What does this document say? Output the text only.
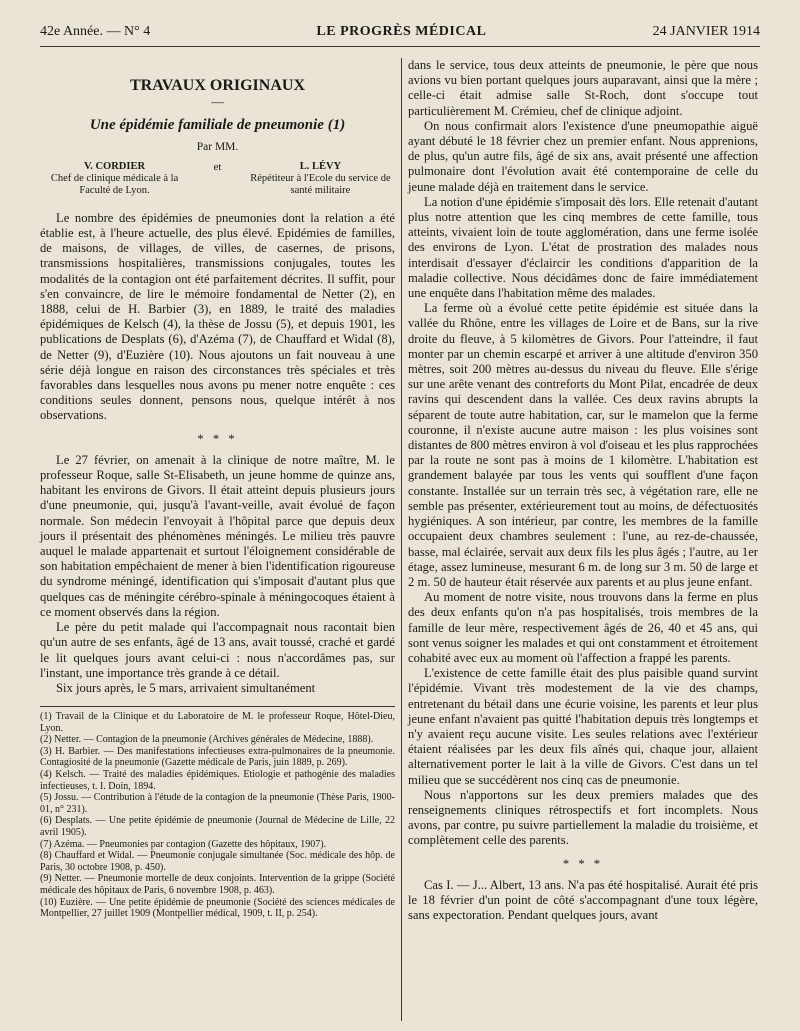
42e Année. — N° 4	LE PROGRÈS MÉDICAL	24 JANVIER 1914
TRAVAUX ORIGINAUX
—
Une épidémie familiale de pneumonie (1)
Par MM.
V. CORDIER
Chef de clinique médicale à la Faculté de Lyon.
et	L. LÉVY
Répétiteur à l'Ecole du service de santé militaire

Le nombre des épidémies de pneumonies dont la relation a été établie est, à l'heure actuelle, des plus élevé. Epidémies de familles, de maisons, de villages, de villes, de casernes, de prisons, transmissions hospitalières, transmissions conjugales, toutes les modalités de la contagion ont été parfaitement décrites. Il suffit, pour s'en convaincre, de lire le mémoire fondamental de Netter (2), en 1888, celui de H. Barbier (3), en 1889, le traité des maladies épidémiques de Kelsch (4), la thèse de Jossu (5), et depuis 1901, les publications de Desplats (6), d'Azéma (7), de Chauffard et Widal (8), de Netter (9), d'Euzière (10). Nous ajoutons un fait nouveau à une série déjà longue en raison des circonstances très spéciales et très favorables dans lesquelles nous avons pu mener notre enquête : ces conditions seules donnent, pensons nous, quelque intérêt à nos observations.

* * *

Le 27 février, on amenait à la clinique de notre maître, M. le professeur Roque, salle St-Elisabeth, un jeune homme de quinze ans, habitant les environs de Givors. Il était atteint depuis plusieurs jours d'une pneumonie, qui, jusqu'à l'avant-veille, avait évolué de façon normale. Son médecin l'envoyait à l'hôpital parce que depuis deux jours il présentait des phénomènes méningés. Le milieu très pauvre auquel le malade appartenait et surtout l'éloignement considérable de son habitation empêchaient de mener à bien l'identification rigoureuse du syndrome méningé, identification qui s'imposait d'autant plus que quelques cas de méningite cérébro-spinale à méningocoques étaient à ce moment observés dans la région.

Le père du petit malade qui l'accompagnait nous racontait bien qu'un autre de ses enfants, âgé de 13 ans, avait toussé, craché et gardé le lit quelques jours avant celui-ci : nous n'accordâmes pas, sur l'instant, une importance très grande à ce détail.

Six jours après, le 5 mars, arrivaient simultanément

(1) Travail de la Clinique et du Laboratoire de M. le professeur Roque, Hôtel-Dieu, Lyon.

(2) Netter. — Contagion de la pneumonie (Archives générales de Médecine, 1888).

(3) H. Barbier. — Des manifestations infectieuses extra-pulmonaires de la pneumonie. Contagiosité de la pneumonie (Gazette médicale de Paris, juin 1889, p. 269).

(4) Kelsch. — Traité des maladies épidémiques. Etiologie et pathogénie des maladies infectieuses, t. I. Doin, 1894.

(5) Jossu. — Contribution à l'étude de la contagion de la pneumonie (Thèse Paris, 1900-01, n° 231).

(6) Desplats. — Une petite épidémie de pneumonie (Journal de Médecine de Lille, 22 avril 1905).

(7) Azéma. — Pneumonies par contagion (Gazette des hôpitaux, 1907).

(8) Chauffard et Widal. — Pneumonie conjugale simultanée (Soc. médicale des hôp. de Paris, 30 octobre 1908, p. 450).

(9) Netter. — Pneumonie mortelle de deux conjoints. Intervention de la grippe (Société médicale des hôpitaux de Paris, 6 novembre 1908, p. 463).

(10) Euzière. — Une petite épidémie de pneumonie (Société des sciences médicales de Montpellier, 27 juillet 1909 (Montpellier médical, 1909, t. II, p. 254).

dans le service, tous deux atteints de pneumonie, le père que nous avions vu bien portant quelques jours auparavant, ainsi que la mère ; celle-ci était admise salle St-Roch, dont s'occupe tout particulièrement M. Crémieu, chef de clinique adjoint.

On nous confirmait alors l'existence d'une pneumopathie aiguë ayant débuté le 18 février chez un premier enfant. Nous apprenions, de plus, qu'un autre fils, âgé de six ans, avait présenté une affection pulmonaire dont l'évolution avait été contemporaine de celle du jeune malade déjà en traitement dans le service.

La notion d'une épidémie s'imposait dès lors. Elle retenait d'autant plus notre attention que les cinq membres de cette famille, tous atteints, vivaient loin de toute agglomération, dans une ferme isolée des environs de Lyon. L'état de prostration des malades nous interdisait d'essayer d'éclaircir les conditions d'apparition de la maladie collective. Nous décidâmes donc de faire immédiatement une enquête dans l'habitation même des malades.

La ferme où a évolué cette petite épidémie est située dans la vallée du Rhône, entre les villages de Loire et de Bans, sur la rive droite du fleuve, à 5 kilomètres de Givors. Pour l'atteindre, il faut monter par un chemin escarpé et arriver à une altitude d'environ 350 mètres, soit 200 mètres au-dessus du niveau du fleuve. Elle s'érige sur une arête venant des contreforts du Mont Pilat, encadrée de deux ravins qui descendent dans la vallée. Ces deux ravins abrupts la séparent de toute autre habitation, car, sur le mamelon que la ferme couronne, il n'existe aucune autre maison : les plus voisines sont distantes de 800 mètres environ à vol d'oiseau et les plus rapprochées par la route ne sont pas à moins de 1 kilomètre. L'habitation est grandement balayée par tous les vents qui soufflent d'une façon constante. Installée sur un terrain très sec, à végétation rare, elle ne semble pas présenter, extérieurement tout au moins, de défectuosités hygiéniques. A son intérieur, par contre, les membres de la famille occupaient deux chambres seulement : l'une, au rez-de-chaussée, basse, mal éclairée, servait aux deux fils les plus âgés ; l'autre, au 1er étage, assez lumineuse, mesurant 6 m. de long sur 3 m. 50 de large et 2 m. 50 de hauteur était réservée aux parents et au plus jeune enfant.

Au moment de notre visite, nous trouvons dans la ferme en plus des deux enfants qu'on n'a pas hospitalisés, trois membres de la famille de leur mère, respectivement âgés de 26, 40 et 45 ans, qui sont venus soigner les malades et qui ont constamment et étroitement cohabité avec eux au moment où l'affection a frappé les parents.

L'existence de cette famille était des plus paisible quand survint l'épidémie. Vivant très modestement de la vie des champs, entretenant du bétail dans une écurie voisine, les parents et leur plus jeune enfant n'avaient pas quitté l'habitation depuis très longtemps et n'y avaient reçu aucune visite. Les seules relations avec l'extérieur étaient réalisées par les deux fils aînés qui, chaque jour, allaient alternativement porter le lait à la ville de Givors. C'est dans un tel milieu que se succédèrent nos cinq cas de pneumonie.

Nous n'apportons sur les deux premiers malades que des renseignements cliniques rétrospectifs et fort incomplets. Nous avons, par contre, pu suivre partiellement la maladie du troisième, et complètement celle des parents.

* * *

Cas I. — J... Albert, 13 ans. N'a pas été hospitalisé. Aurait été pris le 18 février d'un point de côté s'accompagnant d'une toux légère, sans expectoration. Pendant quelques jours, avant
